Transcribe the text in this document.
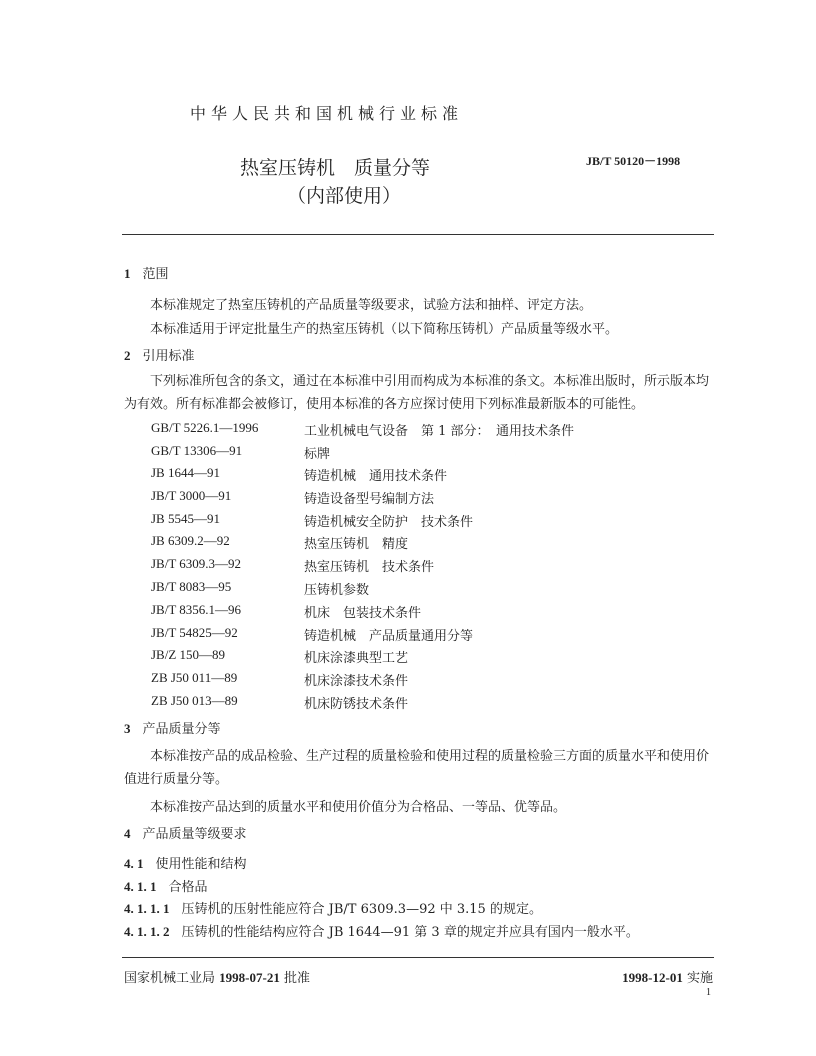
中华人民共和国机械行业标准
热室压铸机　质量分等
（内部使用）
JB/T 50120－1998
1 范围
本标准规定了热室压铸机的产品质量等级要求，试验方法和抽样、评定方法。
本标准适用于评定批量生产的热室压铸机（以下简称压铸机）产品质量等级水平。
2 引用标准
下列标准所包含的条文，通过在本标准中引用而构成为本标准的条文。本标准出版时，所示版本均为有效。所有标准都会被修订，使用本标准的各方应探讨使用下列标准最新版本的可能性。
GB/T 5226.1—1996	工业机械电气设备　第 1 部分：　通用技术条件
GB/T 13306—91	标牌
JB 1644—91	铸造机械　通用技术条件
JB/T 3000—91	铸造设备型号编制方法
JB 5545—91	铸造机械安全防护　技术条件
JB 6309.2—92	热室压铸机　精度
JB/T 6309.3—92	热室压铸机　技术条件
JB/T 8083—95	压铸机参数
JB/T 8356.1—96	机床　包装技术条件
JB/T 54825—92	铸造机械　产品质量通用分等
JB/Z 150—89	机床涂漆典型工艺
ZB J50 011—89	机床涂漆技术条件
ZB J50 013—89	机床防锈技术条件
3 产品质量分等
本标准按产品的成品检验、生产过程的质量检验和使用过程的质量检验三方面的质量水平和使用价值进行质量分等。
本标准按产品达到的质量水平和使用价值分为合格品、一等品、优等品。
4 产品质量等级要求
4. 1 使用性能和结构
4. 1. 1 合格品
4. 1. 1. 1 压铸机的压射性能应符合 JB/T 6309.3—92 中 3.15 的规定。
4. 1. 1. 2 压铸机的性能结构应符合 JB 1644—91 第 3 章的规定并应具有国内一般水平。
国家机械工业局 1998-07-21 批准	1998-12-01 实施
1
